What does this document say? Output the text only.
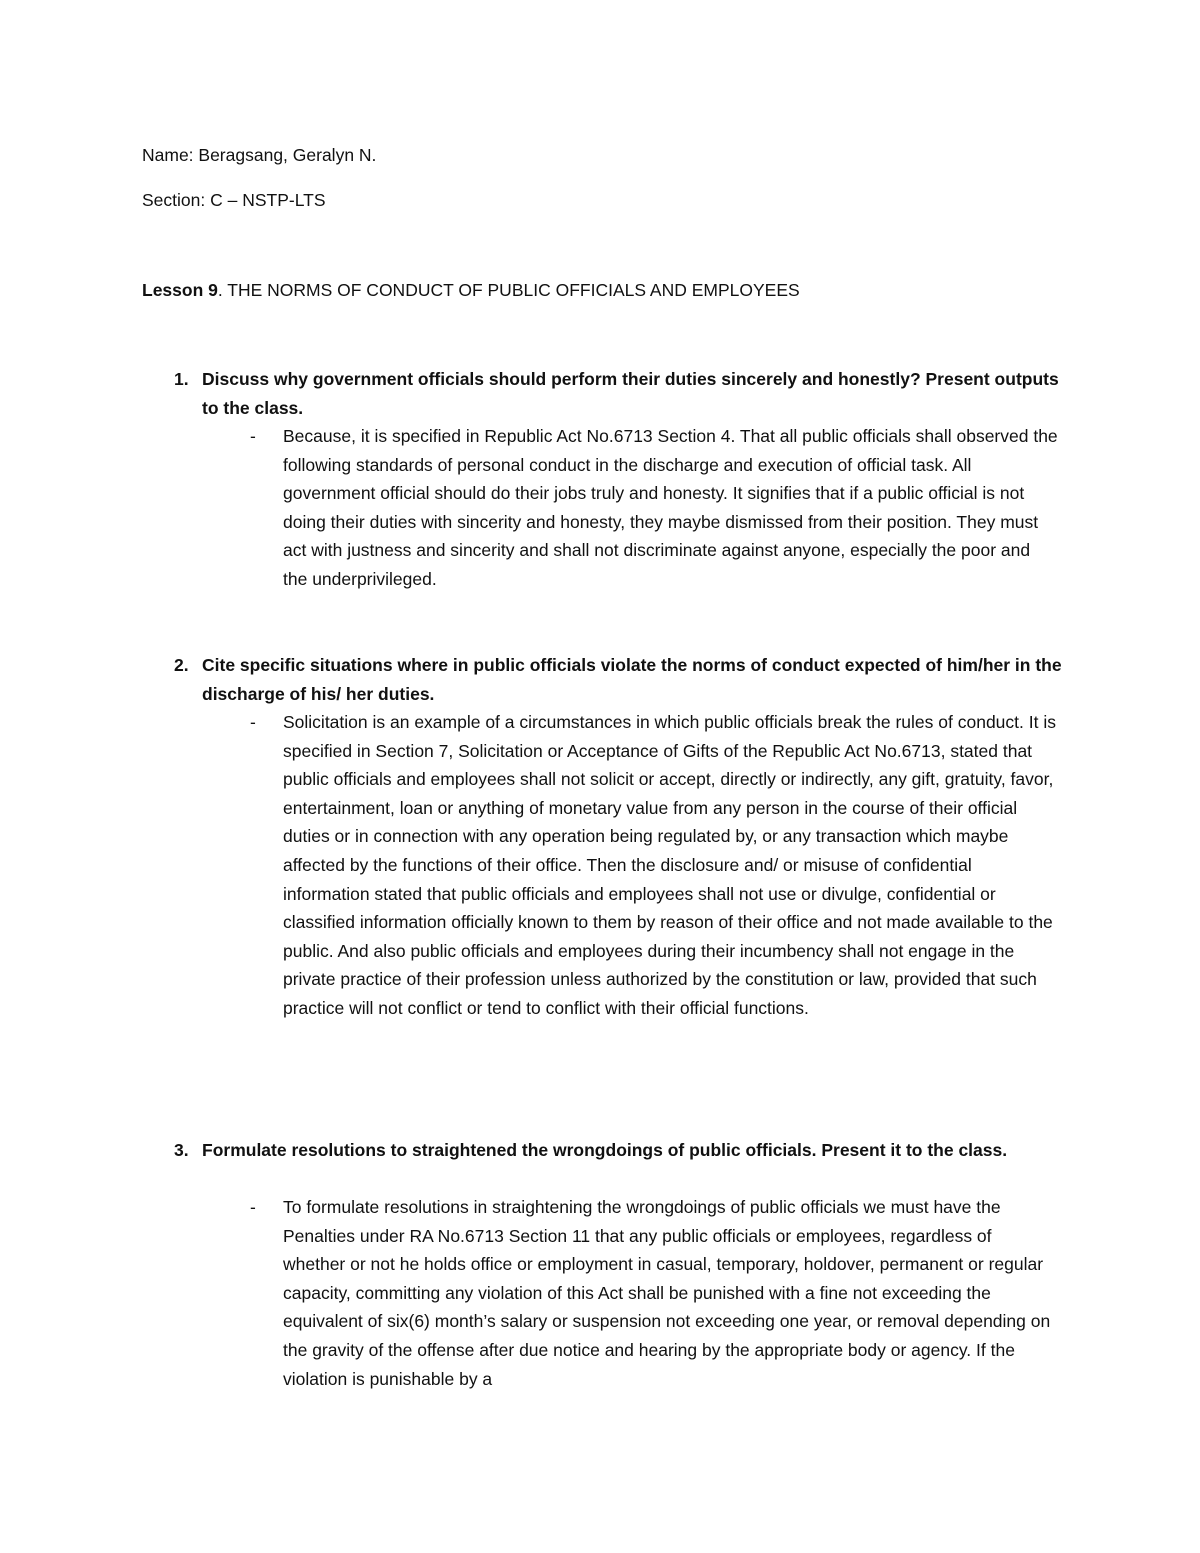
Name: Beragsang, Geralyn N.
Section: C – NSTP-LTS
Lesson 9. THE NORMS OF CONDUCT OF PUBLIC OFFICIALS AND EMPLOYEES
1. Discuss why government officials should perform their duties sincerely and honestly? Present outputs to the class.
- Because, it is specified in Republic Act No.6713 Section 4. That all public officials shall observed the following standards of personal conduct in the discharge and execution of official task. All government official should do their jobs truly and honesty. It signifies that if a public official is not doing their duties with sincerity and honesty, they maybe dismissed from their position. They must act with justness and sincerity and shall not discriminate against anyone, especially the poor and the underprivileged.
2. Cite specific situations where in public officials violate the norms of conduct expected of him/her in the discharge of his/ her duties.
- Solicitation is an example of a circumstances in which public officials break the rules of conduct. It is specified in Section 7, Solicitation or Acceptance of Gifts of the Republic Act No.6713, stated that public officials and employees shall not solicit or accept, directly or indirectly, any gift, gratuity, favor, entertainment, loan or anything of monetary value from any person in the course of their official duties or in connection with any operation being regulated by, or any transaction which maybe affected by the functions of their office. Then the disclosure and/ or misuse of confidential information stated that public officials and employees shall not use or divulge, confidential or classified information officially known to them by reason of their office and not made available to the public. And also public officials and employees during their incumbency shall not engage in the private practice of their profession unless authorized by the constitution or law, provided that such practice will not conflict or tend to conflict with their official functions.
3. Formulate resolutions to straightened the wrongdoings of public officials. Present it to the class.
- To formulate resolutions in straightening the wrongdoings of public officials we must have the Penalties under RA No.6713 Section 11 that any public officials or employees, regardless of whether or not he holds office or employment in casual, temporary, holdover, permanent or regular capacity, committing any violation of this Act shall be punished with a fine not exceeding the equivalent of six(6) month’s salary or suspension not exceeding one year, or removal depending on the gravity of the offense after due notice and hearing by the appropriate body or agency. If the violation is punishable by a
